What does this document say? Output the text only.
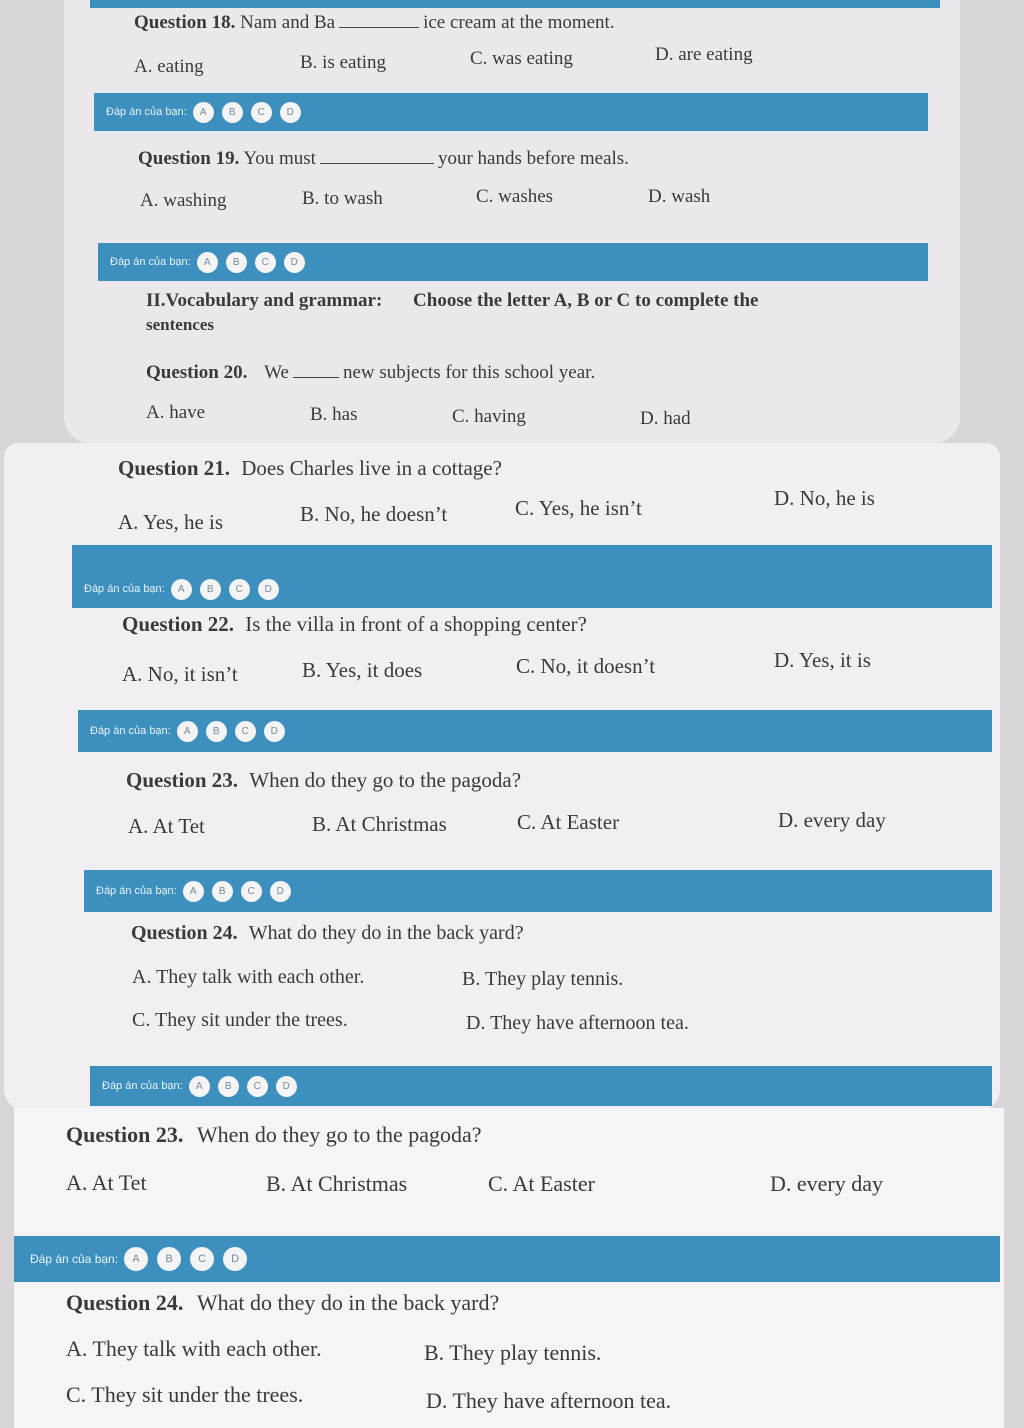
Question 18. Nam and Ba	ice cream at the moment.
A. eating	B. is eating	C. was eating	D. are eating
Đáp án của bạn:	A	B	C	D
Question 19. You must	your hands before meals.
A. washing	B. to wash	C. washes	D. wash
Đáp án của bạn:	A	B	C	D
II.Vocabulary and grammar: Choose the letter A, B or C to complete the
sentences
Question 20. We	new subjects for this school year.
A. have	B. has	C. having	D. had
Question 21. Does Charles live in a cottage?
A. Yes, he is	B. No, he doesn’t	C. Yes, he isn’t	D. No, he is
Đáp án của bạn:	A	B	C	D
Question 22. Is the villa in front of a shopping center?
A. No, it isn’t	B. Yes, it does	C. No, it doesn’t	D. Yes, it is
Đáp án của bạn:	A	B	C	D
Question 23. When do they go to the pagoda?
A. At Tet	B. At Christmas	C. At Easter	D. every day
Đáp án của bạn:	A	B	C	D
Question 24. What do they do in the back yard?
A. They talk with each other.	B. They play tennis.
C. They sit under the trees.	D. They have afternoon tea.
Đáp án của bạn:	A	B	C	D
Question 23. When do they go to the pagoda?
A. At Tet	B. At Christmas	C. At Easter	D. every day
Đáp án của bạn:	A	B	C	D
Question 24. What do they do in the back yard?
A. They talk with each other.	B. They play tennis.
C. They sit under the trees.	D. They have afternoon tea.
